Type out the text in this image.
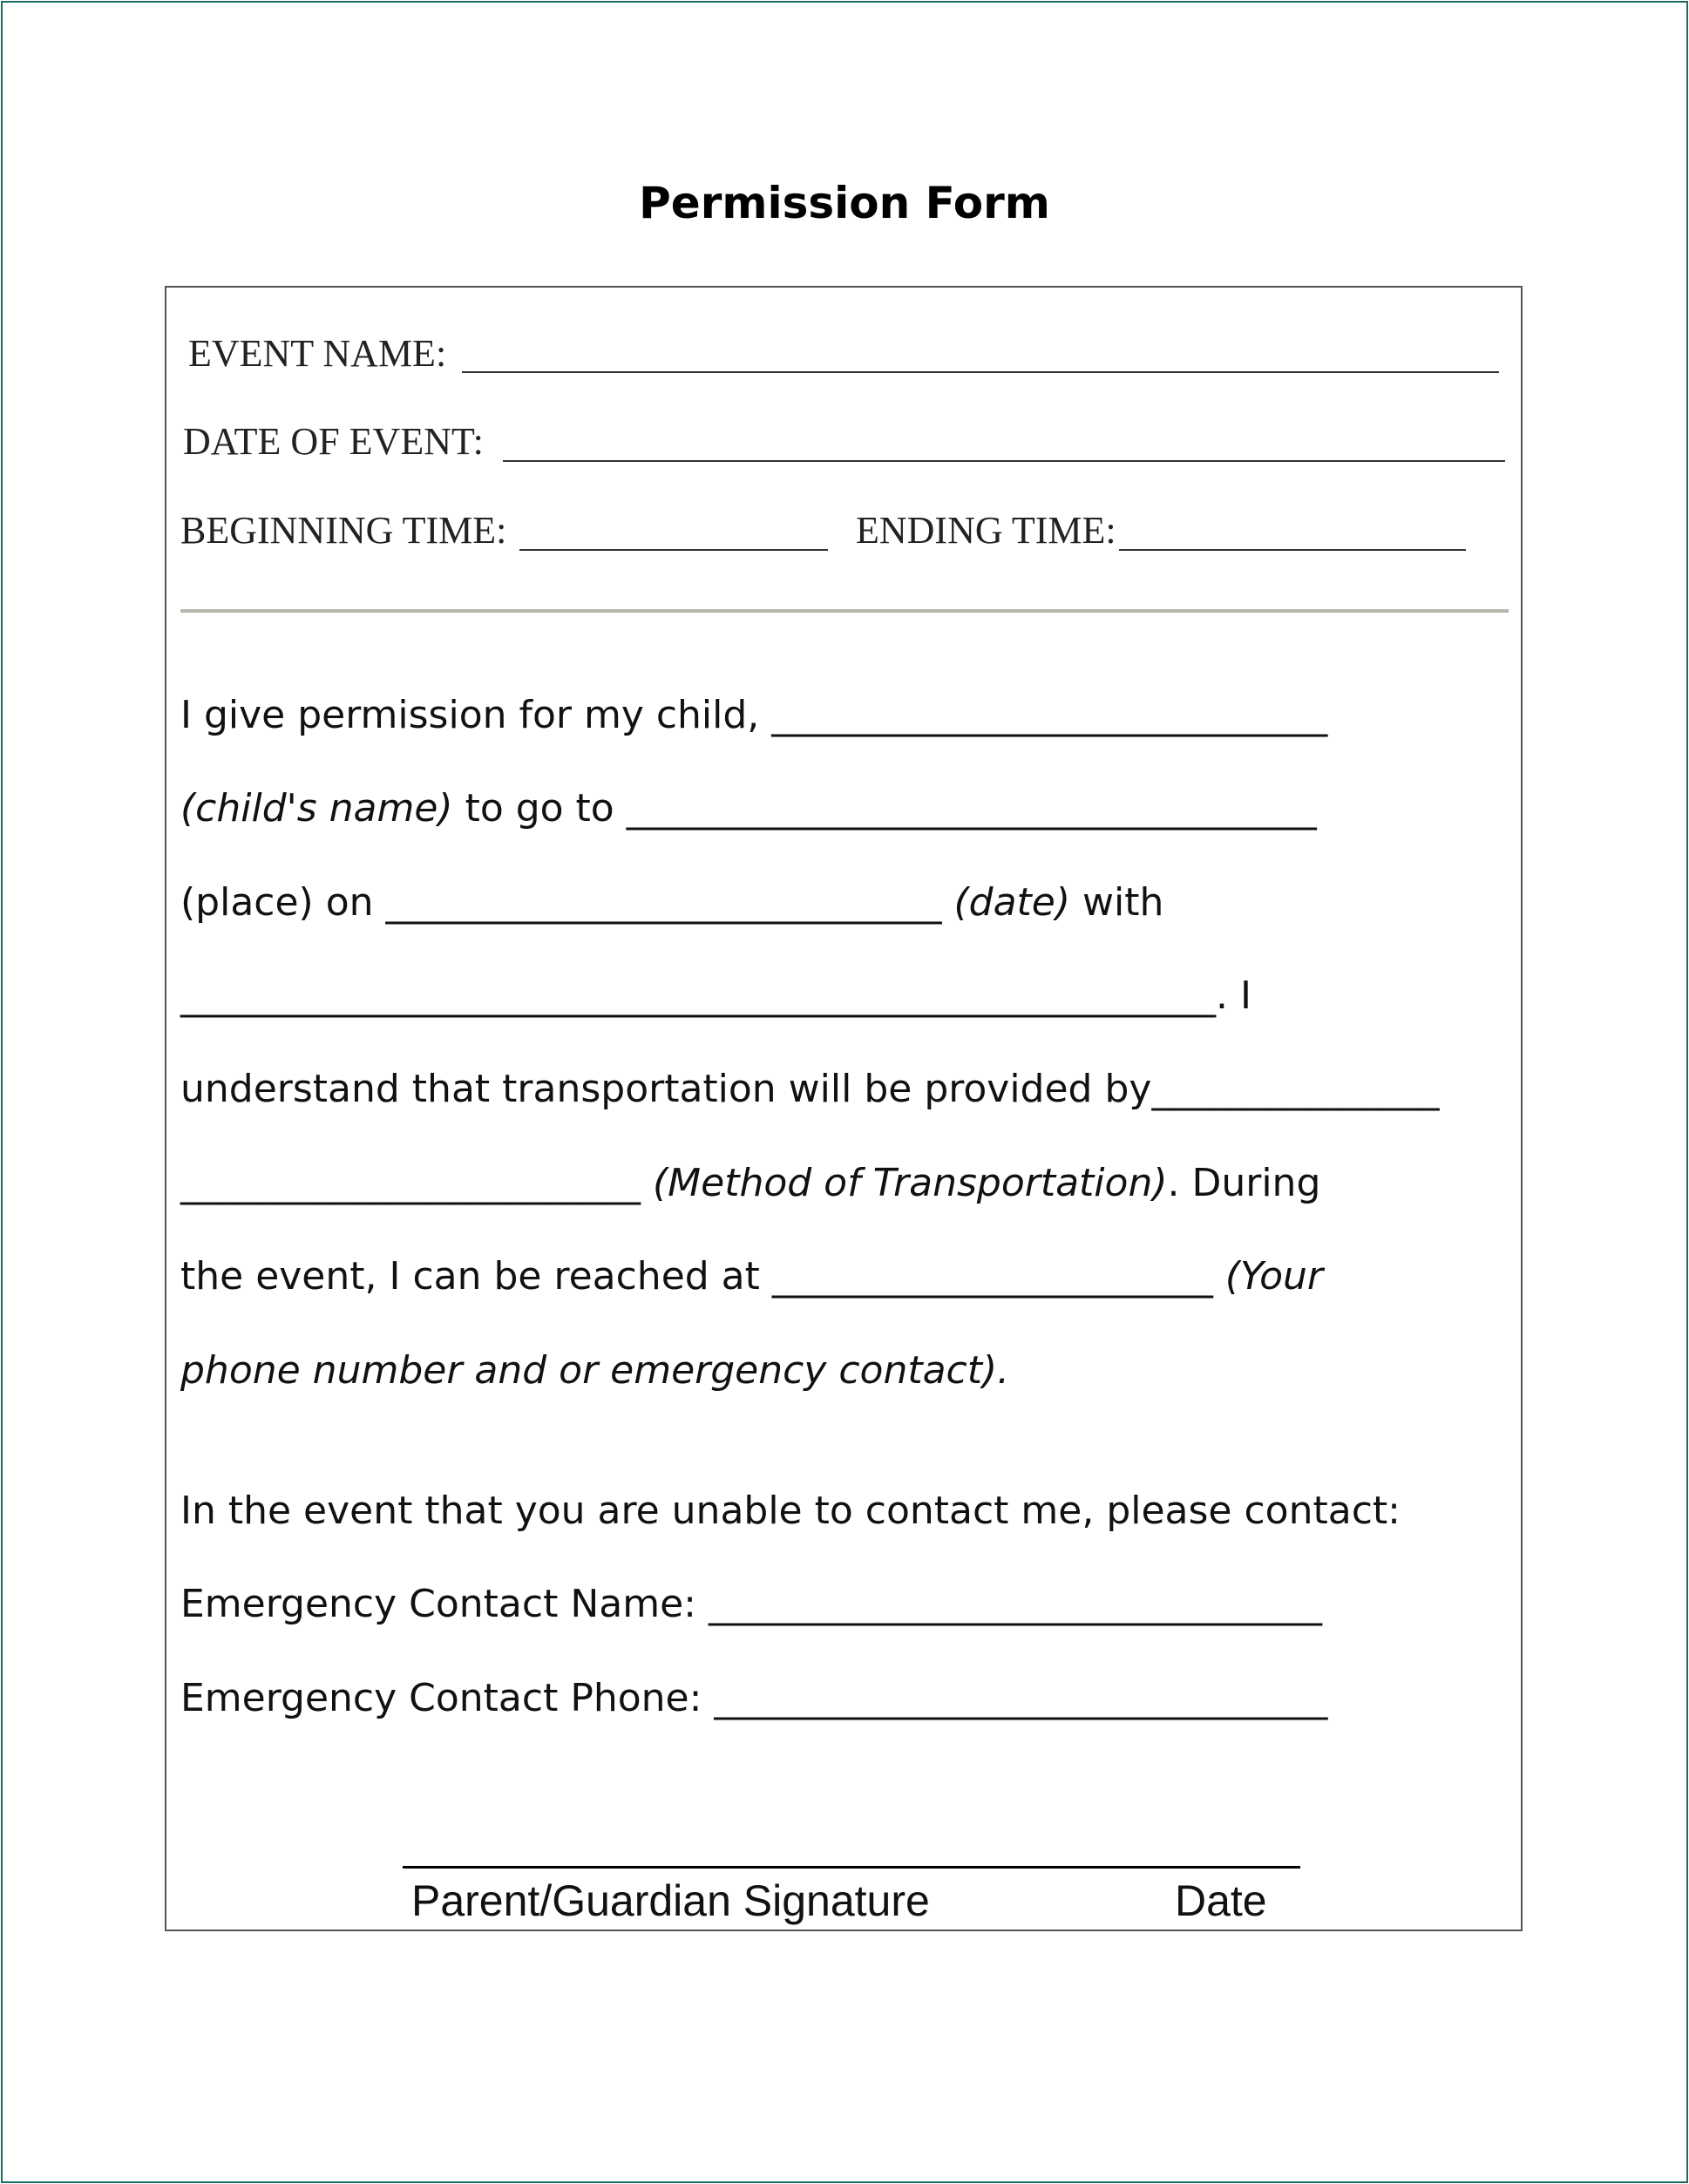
Permission Form
EVENT NAME:
DATE OF EVENT:
BEGINNING TIME:	ENDING TIME:
I give permission for my child, _____________________________
(child's name) to go to ____________________________________
(place) on _____________________________ (date) with
______________________________________________________. I
understand that transportation will be provided by_______________
________________________ (Method of Transportation). During
the event, I can be reached at _______________________ (Your
phone number and or emergency contact).
In the event that you are unable to contact me, please contact:
Emergency Contact Name: ________________________________
Emergency Contact Phone: ________________________________
Parent/Guardian Signature	Date
